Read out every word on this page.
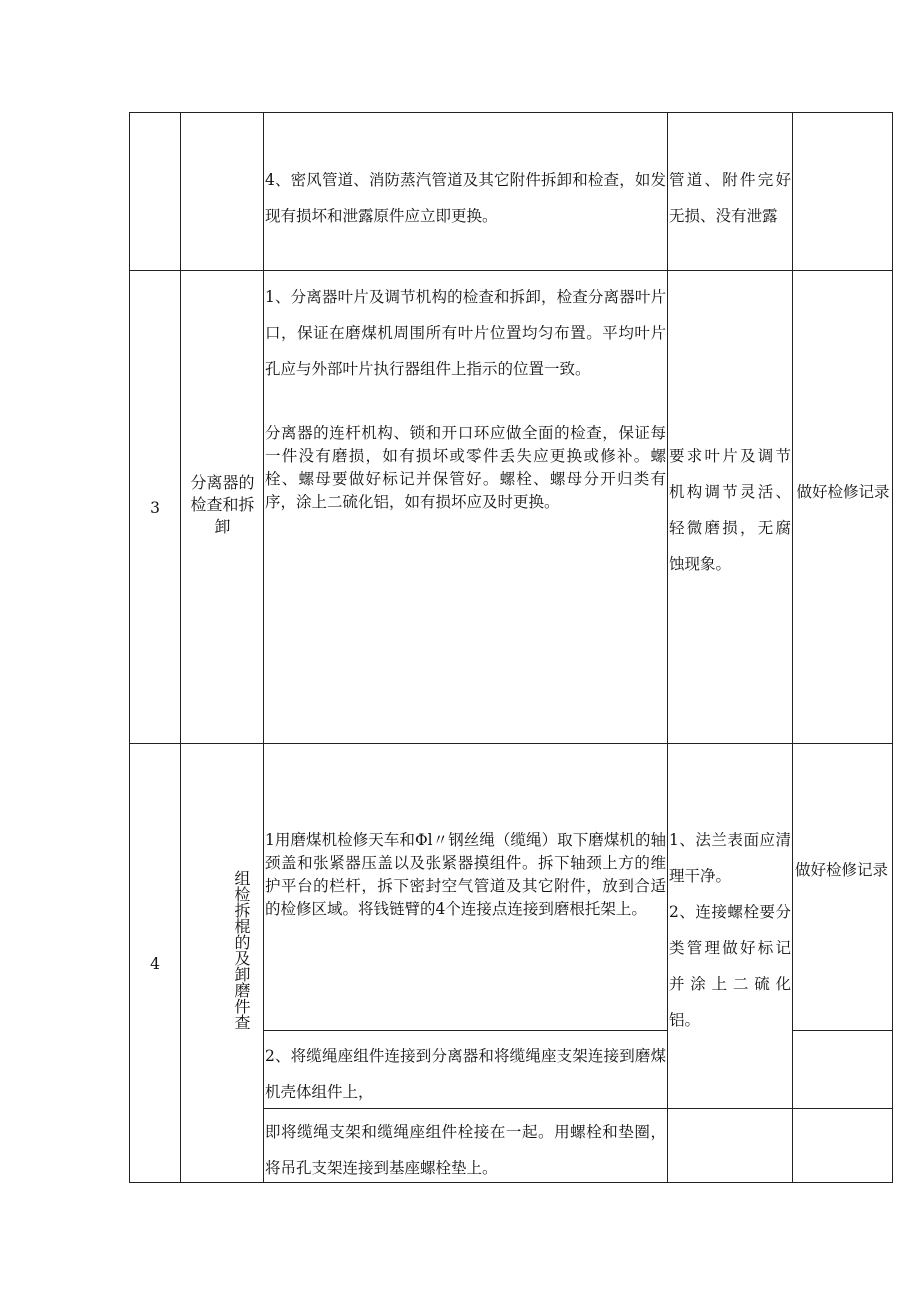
4、密风管道、消防蒸汽管道及其它附件拆卸和检查，如发现有损坏和泄露原件应立即更换。
管道、附件完好无损、没有泄露
3
分离器的检查和拆卸
1、分离器叶片及调节机构的检查和拆卸，检查分离器叶片口，保证在磨煤机周围所有叶片位置均匀布置。平均叶片孔应与外部叶片执行器组件上指示的位置一致。
分离器的连杆机构、锁和开口环应做全面的检查，保证每一件没有磨损，如有损坏或零件丢失应更换或修补。螺栓、螺母要做好标记并保管好。螺栓、螺母分开归类有序，涂上二硫化铝，如有损坏应及时更换。
要求叶片及调节机构调节灵活、轻微磨损，无腐蚀现象。
做好检修记录
4	组检拆棍的及卸磨件查
1用磨煤机检修天车和Φl〃钢丝绳（缆绳）取下磨煤机的轴颈盖和张紧器压盖以及张紧器摸组件。拆下轴颈上方的维护平台的栏杆，拆下密封空气管道及其它附件，放到合适的检修区域。将钱链臂的4个连接点连接到磨根托架上。
1、法兰表面应清理干净。
2、连接螺栓要分类管理做好标记并涂上二硫化铝。
做好检修记录
2、将缆绳座组件连接到分离器和将缆绳座支架连接到磨煤机壳体组件上，
即将缆绳支架和缆绳座组件栓接在一起。用螺栓和垫圈，将吊孔支架连接到基座螺栓垫上。
